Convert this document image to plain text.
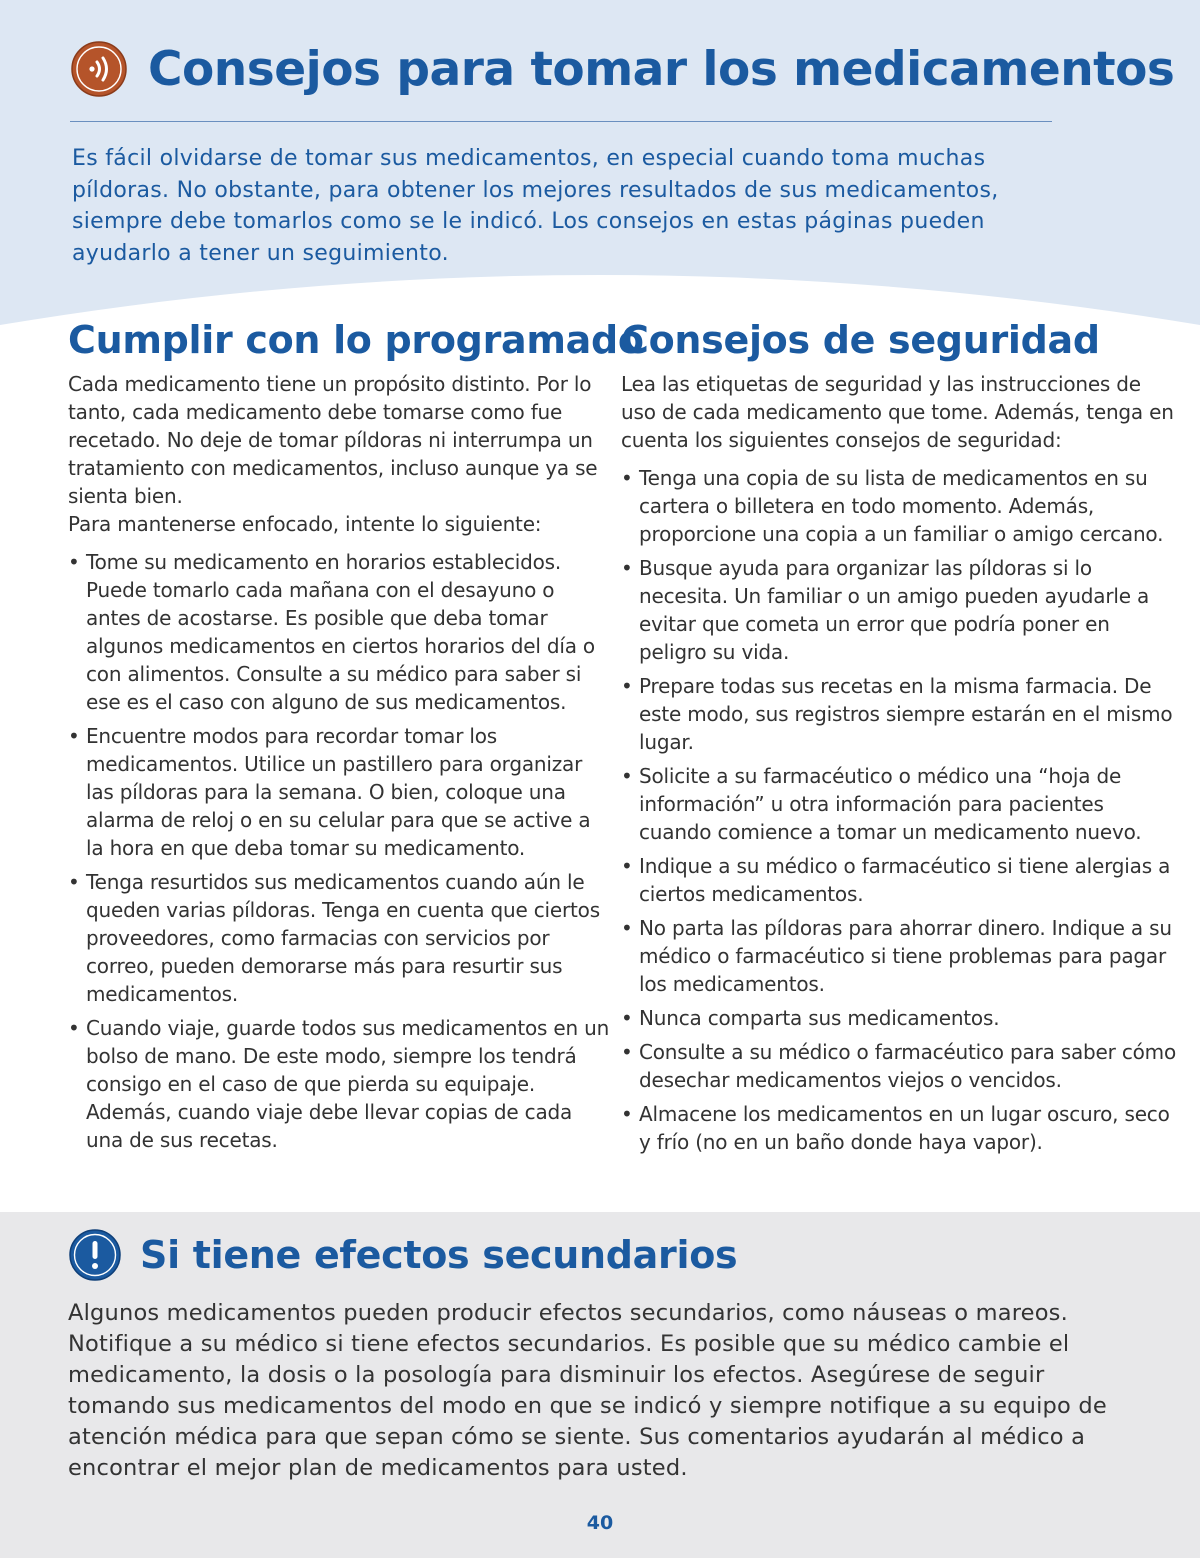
Consejos para tomar los medicamentos

Es fácil olvidarse de tomar sus medicamentos, en especial cuando toma muchas píldoras. No obstante, para obtener los mejores resultados de sus medicamentos, siempre debe tomarlos como se le indicó. Los consejos en estas páginas pueden ayudarlo a tener un seguimiento.

Cumplir con lo programado

Cada medicamento tiene un propósito distinto. Por lo tanto, cada medicamento debe tomarse como fue recetado. No deje de tomar píldoras ni interrumpa un tratamiento con medicamentos, incluso aunque ya se sienta bien.

Para mantenerse enfocado, intente lo siguiente:

• Tome su medicamento en horarios establecidos. Puede tomarlo cada mañana con el desayuno o antes de acostarse. Es posible que deba tomar algunos medicamentos en ciertos horarios del día o con alimentos. Consulte a su médico para saber si ese es el caso con alguno de sus medicamentos.
• Encuentre modos para recordar tomar los medicamentos. Utilice un pastillero para organizar las píldoras para la semana. O bien, coloque una alarma de reloj o en su celular para que se active a la hora en que deba tomar su medicamento.
• Tenga resurtidos sus medicamentos cuando aún le queden varias píldoras. Tenga en cuenta que ciertos proveedores, como farmacias con servicios por correo, pueden demorarse más para resurtir sus medicamentos.
• Cuando viaje, guarde todos sus medicamentos en un bolso de mano. De este modo, siempre los tendrá consigo en el caso de que pierda su equipaje. Además, cuando viaje debe llevar copias de cada una de sus recetas.
Consejos de seguridad

Lea las etiquetas de seguridad y las instrucciones de uso de cada medicamento que tome. Además, tenga en cuenta los siguientes consejos de seguridad:

• Tenga una copia de su lista de medicamentos en su cartera o billetera en todo momento. Además, proporcione una copia a un familiar o amigo cercano.
• Busque ayuda para organizar las píldoras si lo necesita. Un familiar o un amigo pueden ayudarle a evitar que cometa un error que podría poner en peligro su vida.
• Prepare todas sus recetas en la misma farmacia. De este modo, sus registros siempre estarán en el mismo lugar.
• Solicite a su farmacéutico o médico una “hoja de información” u otra información para pacientes cuando comience a tomar un medicamento nuevo.
• Indique a su médico o farmacéutico si tiene alergias a ciertos medicamentos.
• No parta las píldoras para ahorrar dinero. Indique a su médico o farmacéutico si tiene problemas para pagar los medicamentos.
• Nunca comparta sus medicamentos.
• Consulte a su médico o farmacéutico para saber cómo desechar medicamentos viejos o vencidos.
• Almacene los medicamentos en un lugar oscuro, seco y frío (no en un baño donde haya vapor).
Si tiene efectos secundarios

Algunos medicamentos pueden producir efectos secundarios, como náuseas o mareos. Notifique a su médico si tiene efectos secundarios. Es posible que su médico cambie el medicamento, la dosis o la posología para disminuir los efectos. Asegúrese de seguir tomando sus medicamentos del modo en que se indicó y siempre notifique a su equipo de atención médica para que sepan cómo se siente. Sus comentarios ayudarán al médico a encontrar el mejor plan de medicamentos para usted.

40
